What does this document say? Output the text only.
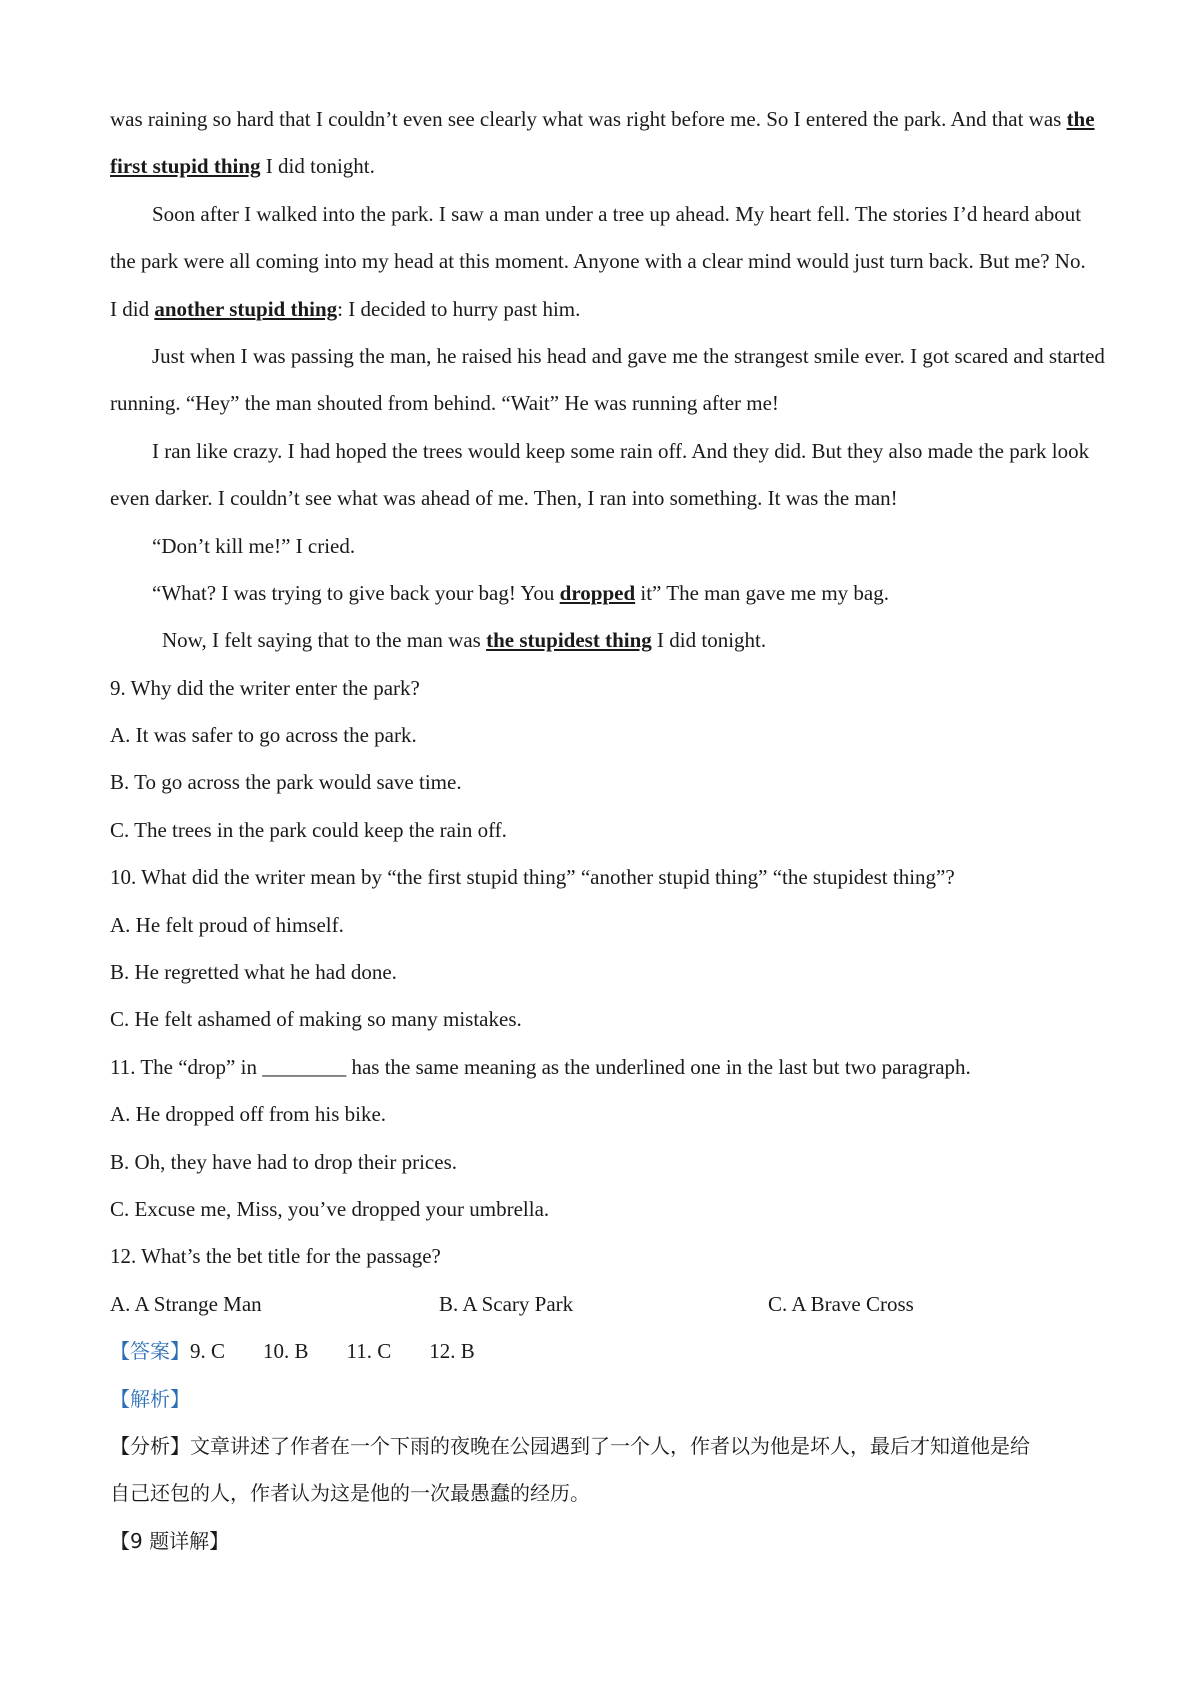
was raining so hard that I couldn’t even see clearly what was right before me. So I entered the park. And that was the
first stupid thing I did tonight.
Soon after I walked into the park. I saw a man under a tree up ahead. My heart fell. The stories I’d heard about
the park were all coming into my head at this moment. Anyone with a clear mind would just turn back. But me? No.
I did another stupid thing: I decided to hurry past him.
Just when I was passing the man, he raised his head and gave me the strangest smile ever. I got scared and started
running. “Hey” the man shouted from behind. “Wait” He was running after me!
I ran like crazy. I had hoped the trees would keep some rain off. And they did. But they also made the park look
even darker. I couldn’t see what was ahead of me. Then, I ran into something. It was the man!
“Don’t kill me!” I cried.
“What? I was trying to give back your bag! You dropped it” The man gave me my bag.
Now, I felt saying that to the man was the stupidest thing I did tonight.
9. Why did the writer enter the park?
A. It was safer to go across the park.
B. To go across the park would save time.
C. The trees in the park could keep the rain off.
10. What did the writer mean by “the first stupid thing” “another stupid thing” “the stupidest thing”?
A. He felt proud of himself.
B. He regretted what he had done.
C. He felt ashamed of making so many mistakes.
11. The “drop” in ________ has the same meaning as the underlined one in the last but two paragraph.
A. He dropped off from his bike.
B. Oh, they have had to drop their prices.
C. Excuse me, Miss, you’ve dropped your umbrella.
12. What’s the bet title for the passage?
A. A Strange Man	B. A Scary Park	C. A Brave Cross
【答案】9. C 10. B 11. C 12. B
【解析】
【分析】文章讲述了作者在一个下雨的夜晚在公园遇到了一个人，作者以为他是坏人，最后才知道他是给
自己还包的人，作者认为这是他的一次最愚蠢的经历。
【9 题详解】
